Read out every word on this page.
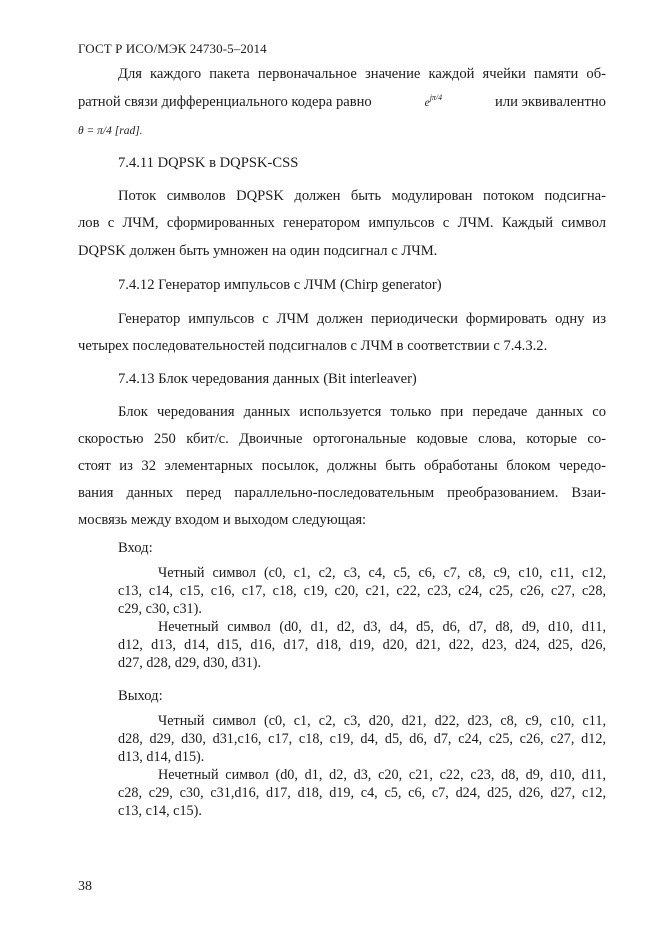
ГОСТ Р ИСО/МЭК 24730-5–2014
Для каждого пакета первоначальное значение каждой ячейки памяти об-
ратной связи дифференциального кодера равно	$e^{j\pi/4}$	или эквивалентно
θ = π/4 [rad].
7.4.11 DQPSK в DQPSK-CSS
Поток символов DQPSK должен быть модулирован потоком подсигна-
лов с ЛЧМ, сформированных генератором импульсов с ЛЧМ. Каждый символ
DQPSK должен быть умножен на один подсигнал с ЛЧМ.
7.4.12 Генератор импульсов с ЛЧМ (Chirp generator)
Генератор импульсов с ЛЧМ должен периодически формировать одну из
четырех последовательностей подсигналов с ЛЧМ в соответствии с 7.4.3.2.
7.4.13 Блок чередования данных (Bit interleaver)
Блок чередования данных используется только при передаче данных со
скоростью 250 кбит/с. Двоичные ортогональные кодовые слова, которые со-
стоят из 32 элементарных посылок, должны быть обработаны блоком чередо-
вания данных перед параллельно-последовательным преобразованием. Взаи-
мосвязь между входом и выходом следующая:
Вход:
Четный символ (c0, c1, c2, c3, c4, c5, c6, c7, c8, c9, c10, c11, c12,
c13, c14, c15, c16, c17, c18, c19, c20, c21, c22, c23, c24, c25, c26, c27, c28,
c29, c30, c31).
Нечетный символ (d0, d1, d2, d3, d4, d5, d6, d7, d8, d9, d10, d11,
d12, d13, d14, d15, d16, d17, d18, d19, d20, d21, d22, d23, d24, d25, d26,
d27, d28, d29, d30, d31).
Выход:
Четный символ (c0, c1, c2, c3, d20, d21, d22, d23, c8, c9, c10, c11,
d28, d29, d30, d31,c16, c17, c18, c19, d4, d5, d6, d7, c24, c25, c26, c27, d12,
d13, d14, d15).
Нечетный символ (d0, d1, d2, d3, c20, c21, c22, c23, d8, d9, d10, d11,
c28, c29, c30, c31,d16, d17, d18, d19, c4, c5, c6, c7, d24, d25, d26, d27, c12,
c13, c14, c15).
38
